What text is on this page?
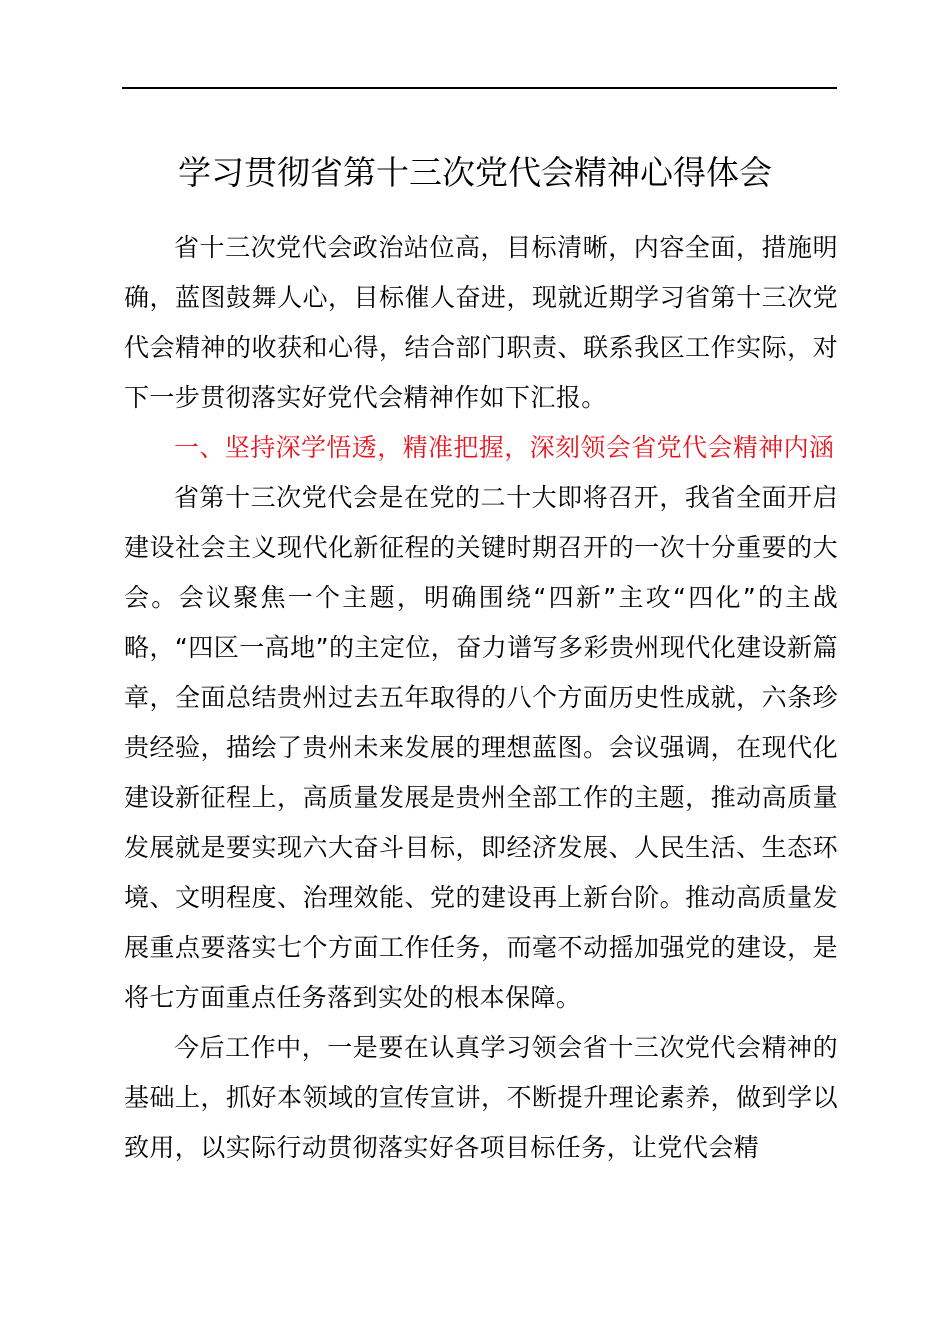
学习贯彻省第十三次党代会精神心得体会

省十三次党代会政治站位高，目标清晰，内容全面，措施明确，蓝图鼓舞人心，目标催人奋进，现就近期学习省第十三次党代会精神的收获和心得，结合部门职责、联系我区工作实际，对下一步贯彻落实好党代会精神作如下汇报。

一、坚持深学悟透，精准把握，深刻领会省党代会精神内涵

省第十三次党代会是在党的二十大即将召开，我省全面开启建设社会主义现代化新征程的关键时期召开的一次十分重要的大会。会议聚焦一个主题，明确围绕“四新”主攻“四化”的主战略，“四区一高地”的主定位，奋力谱写多彩贵州现代化建设新篇章，全面总结贵州过去五年取得的八个方面历史性成就，六条珍贵经验，描绘了贵州未来发展的理想蓝图。会议强调，在现代化建设新征程上，高质量发展是贵州全部工作的主题，推动高质量发展就是要实现六大奋斗目标，即经济发展、人民生活、生态环境、文明程度、治理效能、党的建设再上新台阶。推动高质量发展重点要落实七个方面工作任务，而毫不动摇加强党的建设，是将七方面重点任务落到实处的根本保障。

今后工作中，一是要在认真学习领会省十三次党代会精神的基础上，抓好本领域的宣传宣讲，不断提升理论素养，做到学以致用，以实际行动贯彻落实好各项目标任务，让党代会精
